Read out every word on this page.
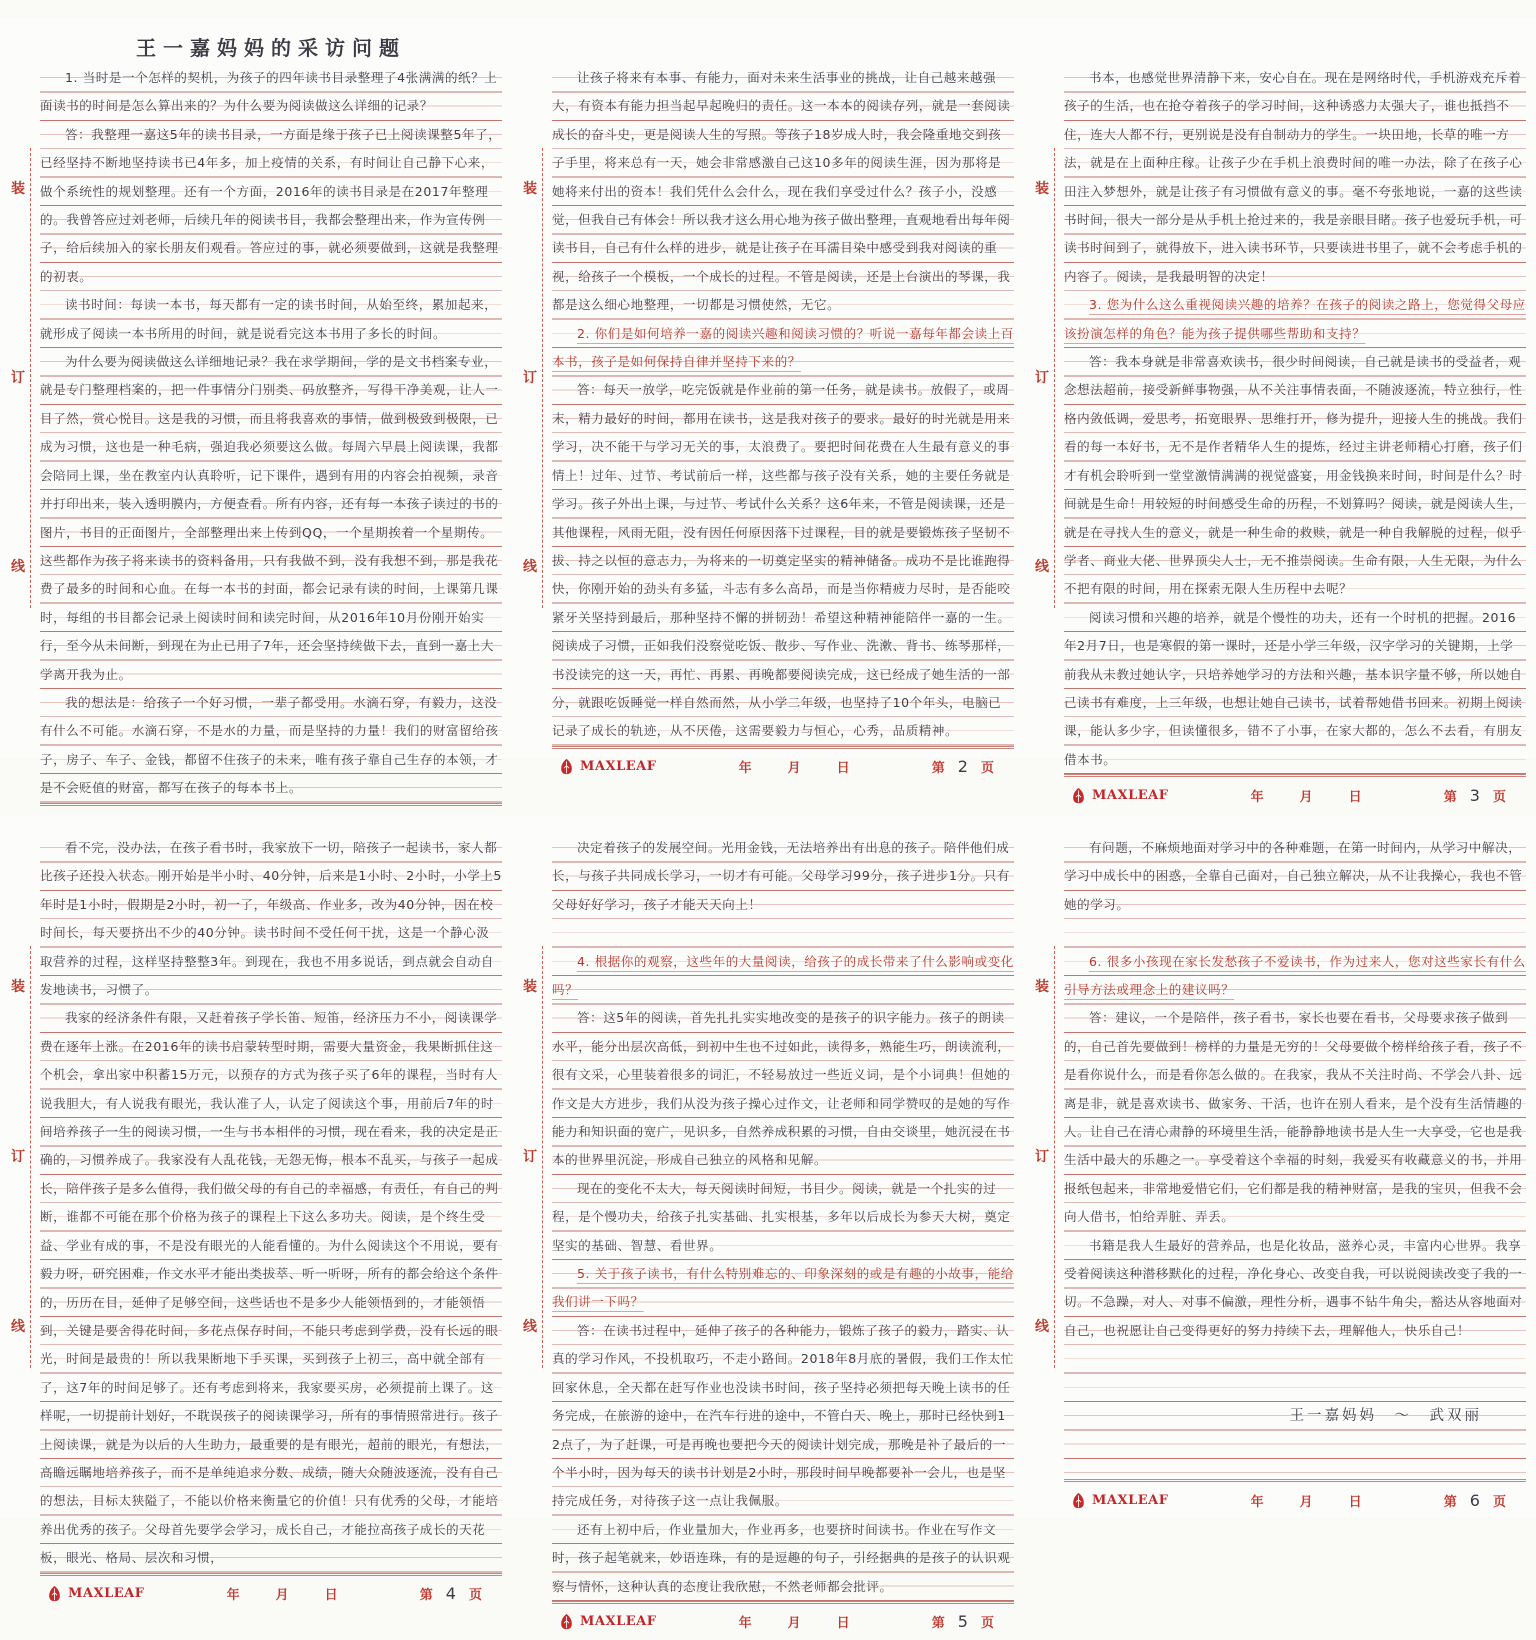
装
订
线
王一嘉妈妈的采访问题

1. 当时是一个怎样的契机，为孩子的四年读书目录整理了4张满满的纸？上面读书的时间是怎么算出来的？为什么要为阅读做这么详细的记录？

答：我整理一嘉这5年的读书目录，一方面是缘于孩子已上阅读课整5年了，已经坚持不断地坚持读书已4年多，加上疫情的关系，有时间让自己静下心来，做个系统性的规划整理。还有一个方面，2016年的读书目录是在2017年整理的。我曾答应过刘老师，后续几年的阅读书目，我都会整理出来，作为宣传例子，给后续加入的家长朋友们观看。答应过的事，就必须要做到，这就是我整理的初衷。

读书时间：每读一本书，每天都有一定的读书时间，从始至终，累加起来，就形成了阅读一本书所用的时间，就是说看完这本书用了多长的时间。

为什么要为阅读做这么详细地记录？我在求学期间，学的是文书档案专业，就是专门整理档案的，把一件事情分门别类、码放整齐，写得干净美观，让人一目了然，赏心悦目。这是我的习惯，而且将我喜欢的事情，做到极致到极限，已成为习惯，这也是一种毛病，强迫我必须要这么做。每周六早晨上阅读课，我都会陪同上课，坐在教室内认真聆听，记下课件，遇到有用的内容会拍视频，录音并打印出来，装入透明膜内，方便查看。所有内容，还有每一本孩子读过的书的图片，书目的正面图片，全部整理出来上传到QQ，一个星期挨着一个星期传。这些都作为孩子将来读书的资料备用，只有我做不到，没有我想不到，那是我花费了最多的时间和心血。在每一本书的封面，都会记录有读的时间，上课第几课时，每组的书目都会记录上阅读时间和读完时间，从2016年10月份刚开始实行，至今从未间断，到现在为止已用了7年，还会坚持续做下去，直到一嘉上大学离开我为止。

我的想法是：给孩子一个好习惯，一辈子都受用。水滴石穿，有毅力，这没有什么不可能。水滴石穿，不是水的力量，而是坚持的力量！我们的财富留给孩子，房子、车子、金钱，都留不住孩子的未来，唯有孩子靠自己生存的本领，才是不会贬值的财富，都写在孩子的每本书上。

装
订
线

让孩子将来有本事、有能力，面对未来生活事业的挑战，让自己越来越强大，有资本有能力担当起早起晚归的责任。这一本本的阅读存列，就是一套阅读成长的奋斗史，更是阅读人生的写照。等孩子18岁成人时，我会隆重地交到孩子手里，将来总有一天，她会非常感激自己这10多年的阅读生涯，因为那将是她将来付出的资本！我们凭什么会什么，现在我们享受过什么？孩子小，没感觉，但我自己有体会！所以我才这么用心地为孩子做出整理，直观地看出每年阅读书目，自己有什么样的进步，就是让孩子在耳濡目染中感受到我对阅读的重视，给孩子一个模板，一个成长的过程。不管是阅读，还是上台演出的琴课，我都是这么细心地整理，一切都是习惯使然，无它。

2. 你们是如何培养一嘉的阅读兴趣和阅读习惯的？听说一嘉每年都会读上百本书，孩子是如何保持自律并坚持下来的？

答：每天一放学，吃完饭就是作业前的第一任务，就是读书。放假了，或周末，精力最好的时间，都用在读书，这是我对孩子的要求。最好的时光就是用来学习，决不能干与学习无关的事，太浪费了。要把时间花费在人生最有意义的事情上！过年、过节、考试前后一样，这些都与孩子没有关系，她的主要任务就是学习。孩子外出上课，与过节、考试什么关系？这6年来，不管是阅读课，还是其他课程，风雨无阻，没有因任何原因落下过课程，目的就是要锻炼孩子坚韧不拔、持之以恒的意志力，为将来的一切奠定坚实的精神储备。成功不是比谁跑得快，你刚开始的劲头有多猛，斗志有多么高昂，而是当你精疲力尽时，是否能咬紧牙关坚持到最后，那种坚持不懈的拼韧劲！希望这种精神能陪伴一嘉的一生。阅读成了习惯，正如我们没察觉吃饭、散步、写作业、洗漱、背书、练琴那样，书没读完的这一天，再忙、再累、再晚都要阅读完成，这已经成了她生活的一部分，就跟吃饭睡觉一样自然而然，从小学二年级，也坚持了10个年头，电脑已记录了成长的轨迹，从不厌倦，这需要毅力与恒心，心秀，品质精神。

MAXLEAF	年	月	日	第 2 页
装
订
线

书本，也感觉世界清静下来，安心自在。现在是网络时代，手机游戏充斥着孩子的生活，也在抢夺着孩子的学习时间，这种诱惑力太强大了，谁也抵挡不住，连大人都不行，更别说是没有自制动力的学生。一块田地，长草的唯一方法，就是在上面种庄稼。让孩子少在手机上浪费时间的唯一办法，除了在孩子心田注入梦想外，就是让孩子有习惯做有意义的事。毫不夸张地说，一嘉的这些读书时间，很大一部分是从手机上抢过来的，我是亲眼目睹。孩子也爱玩手机，可读书时间到了，就得放下，进入读书环节，只要读进书里了，就不会考虑手机的内容了。阅读，是我最明智的决定！

3. 您为什么这么重视阅读兴趣的培养？在孩子的阅读之路上，您觉得父母应该扮演怎样的角色？能为孩子提供哪些帮助和支持？

答：我本身就是非常喜欢读书，很少时间阅读，自己就是读书的受益者，观念想法超前，接受新鲜事物强，从不关注事情表面，不随波逐流，特立独行，性格内敛低调，爱思考，拓宽眼界、思维打开，修为提升，迎接人生的挑战。我们看的每一本好书，无不是作者精华人生的提炼，经过主讲老师精心打磨，孩子们才有机会聆听到一堂堂激情满满的视觉盛宴，用金钱换来时间，时间是什么？时间就是生命！用较短的时间感受生命的历程，不划算吗？阅读，就是阅读人生，就是在寻找人生的意义，就是一种生命的救赎，就是一种自我解脱的过程，似乎学者、商业大佬、世界顶尖人士，无不推崇阅读。生命有限，人生无限，为什么不把有限的时间，用在探索无限人生历程中去呢？

阅读习惯和兴趣的培养，就是个慢性的功夫，还有一个时机的把握。2016年2月7日，也是寒假的第一课时，还是小学三年级，汉字学习的关键期，上学前我从未教过她认字，只培养她学习的方法和兴趣，基本识字量不够，所以她自己读书有难度，上三年级，也想让她自己读书，试着帮她借书回来。初期上阅读课，能认多少字，但读懂很多，错不了小事，在家大都的，怎么不去看，有朋友借本书。

MAXLEAF	年	月	日	第 3 页
装
订
线

看不完，没办法，在孩子看书时，我家放下一切，陪孩子一起读书，家人都比孩子还投入状态。刚开始是半小时、40分钟，后来是1小时、2小时，小学上5年时是1小时，假期是2小时，初一了，年级高、作业多，改为40分钟，因在校时间长，每天要挤出不少的40分钟。读书时间不受任何干扰，这是一个静心汲取营养的过程，这样坚持整整3年。到现在，我也不用多说话，到点就会自动自发地读书，习惯了。

我家的经济条件有限，又赶着孩子学长笛、短笛，经济压力不小，阅读课学费在逐年上涨。在2016年的读书启蒙转型时期，需要大量资金，我果断抓住这个机会，拿出家中积蓄15万元，以预存的方式为孩子买了6年的课程，当时有人说我胆大，有人说我有眼光，我认准了人，认定了阅读这个事，用前后7年的时间培养孩子一生的阅读习惯，一生与书本相伴的习惯，现在看来，我的决定是正确的，习惯养成了。我家没有人乱花钱，无怨无悔，根本不乱买，与孩子一起成长，陪伴孩子是多么值得，我们做父母的有自己的幸福感，有责任，有自己的判断，谁都不可能在那个价格为孩子的课程上下这么多功夫。阅读，是个终生受益、学业有成的事，不是没有眼光的人能看懂的。为什么阅读这个不用说，要有毅力呀，研究困难，作文水平才能出类拔萃、听一听呀，所有的都会给这个条件的，历历在目，延伸了足够空间，这些话也不是多少人能领悟到的，才能领悟到，关键是要舍得花时间，多花点保存时间，不能只考虑到学费，没有长远的眼光，时间是最贵的！所以我果断地下手买课，买到孩子上初三，高中就全部有了，这7年的时间足够了。还有考虑到将来，我家要买房，必须提前上课了。这样呢，一切提前计划好，不耽误孩子的阅读课学习，所有的事情照常进行。孩子上阅读课，就是为以后的人生助力，最重要的是有眼光，超前的眼光，有想法，高瞻远瞩地培养孩子，而不是单纯追求分数、成绩，随大众随波逐流，没有自己的想法，目标太狭隘了，不能以价格来衡量它的价值！只有优秀的父母，才能培养出优秀的孩子。父母首先要学会学习，成长自己，才能拉高孩子成长的天花板，眼光、格局、层次和习惯，

MAXLEAF	年	月	日	第 4 页
装
订
线

决定着孩子的发展空间。光用金钱，无法培养出有出息的孩子。陪伴他们成长，与孩子共同成长学习，一切才有可能。父母学习99分，孩子进步1分。只有父母好好学习，孩子才能天天向上！

4. 根据你的观察，这些年的大量阅读，给孩子的成长带来了什么影响或变化吗？

答：这5年的阅读，首先扎扎实实地改变的是孩子的识字能力。孩子的朗读水平，能分出层次高低，到初中生也不过如此，读得多，熟能生巧，朗读流利，很有文采，心里装着很多的词汇，不轻易放过一些近义词，是个小词典！但她的作文是大方进步，我们从没为孩子操心过作文，让老师和同学赞叹的是她的写作能力和知识面的宽广，见识多，自然养成积累的习惯，自由交谈里，她沉浸在书本的世界里沉淀，形成自己独立的风格和见解。

现在的变化不太大，每天阅读时间短，书目少。阅读，就是一个扎实的过程，是个慢功夫，给孩子扎实基础、扎实根基，多年以后成长为参天大树，奠定坚实的基础、智慧、看世界。

5. 关于孩子读书，有什么特别难忘的、印象深刻的或是有趣的小故事，能给我们讲一下吗？

答：在读书过程中，延伸了孩子的各种能力，锻炼了孩子的毅力，踏实、认真的学习作风，不投机取巧，不走小路间。2018年8月底的暑假，我们工作太忙回家休息，全天都在赶写作业也没读书时间，孩子坚持必须把每天晚上读书的任务完成，在旅游的途中，在汽车行进的途中，不管白天、晚上，那时已经快到12点了，为了赶课，可是再晚也要把今天的阅读计划完成，那晚是补了最后的一个半小时，因为每天的读书计划是2小时，那段时间早晚都要补一会儿，也是坚持完成任务，对待孩子这一点让我佩服。

还有上初中后，作业量加大，作业再多，也要挤时间读书。作业在写作文时，孩子起笔就来，妙语连珠，有的是逗趣的句子，引经据典的是孩子的认识观察与情怀，这种认真的态度让我欣慰，不然老师都会批评。

MAXLEAF	年	月	日	第 5 页
装
订
线

有问题，不麻烦地面对学习中的各种难题，在第一时间内，从学习中解决，学习中成长中的困惑，全靠自己面对，自己独立解决，从不让我操心，我也不管她的学习。

6. 很多小孩现在家长发愁孩子不爱读书，作为过来人，您对这些家长有什么引导方法或理念上的建议吗？

答：建议，一个是陪伴，孩子看书，家长也要在看书，父母要求孩子做到的，自己首先要做到！榜样的力量是无穷的！父母要做个榜样给孩子看，孩子不是看你说什么，而是看你怎么做的。在我家，我从不关注时尚、不学会八卦、远离是非，就是喜欢读书、做家务、干活，也许在别人看来，是个没有生活情趣的人。让自己在清心肃静的环境里生活，能静静地读书是人生一大享受，它也是我生活中最大的乐趣之一。享受着这个幸福的时刻，我爱买有收藏意义的书，并用报纸包起来，非常地爱惜它们，它们都是我的精神财富，是我的宝贝，但我不会向人借书，怕给弄脏、弄丢。

书籍是我人生最好的营养品，也是化妆品，滋养心灵，丰富内心世界。我享受着阅读这种潜移默化的过程，净化身心、改变自我，可以说阅读改变了我的一切。不急躁，对人、对事不偏激，理性分析，遇事不钻牛角尖，豁达从容地面对自己，也祝愿让自己变得更好的努力持续下去，理解他人，快乐自己！

王一嘉妈妈　〜　武双丽

MAXLEAF	年	月	日	第 6 页
